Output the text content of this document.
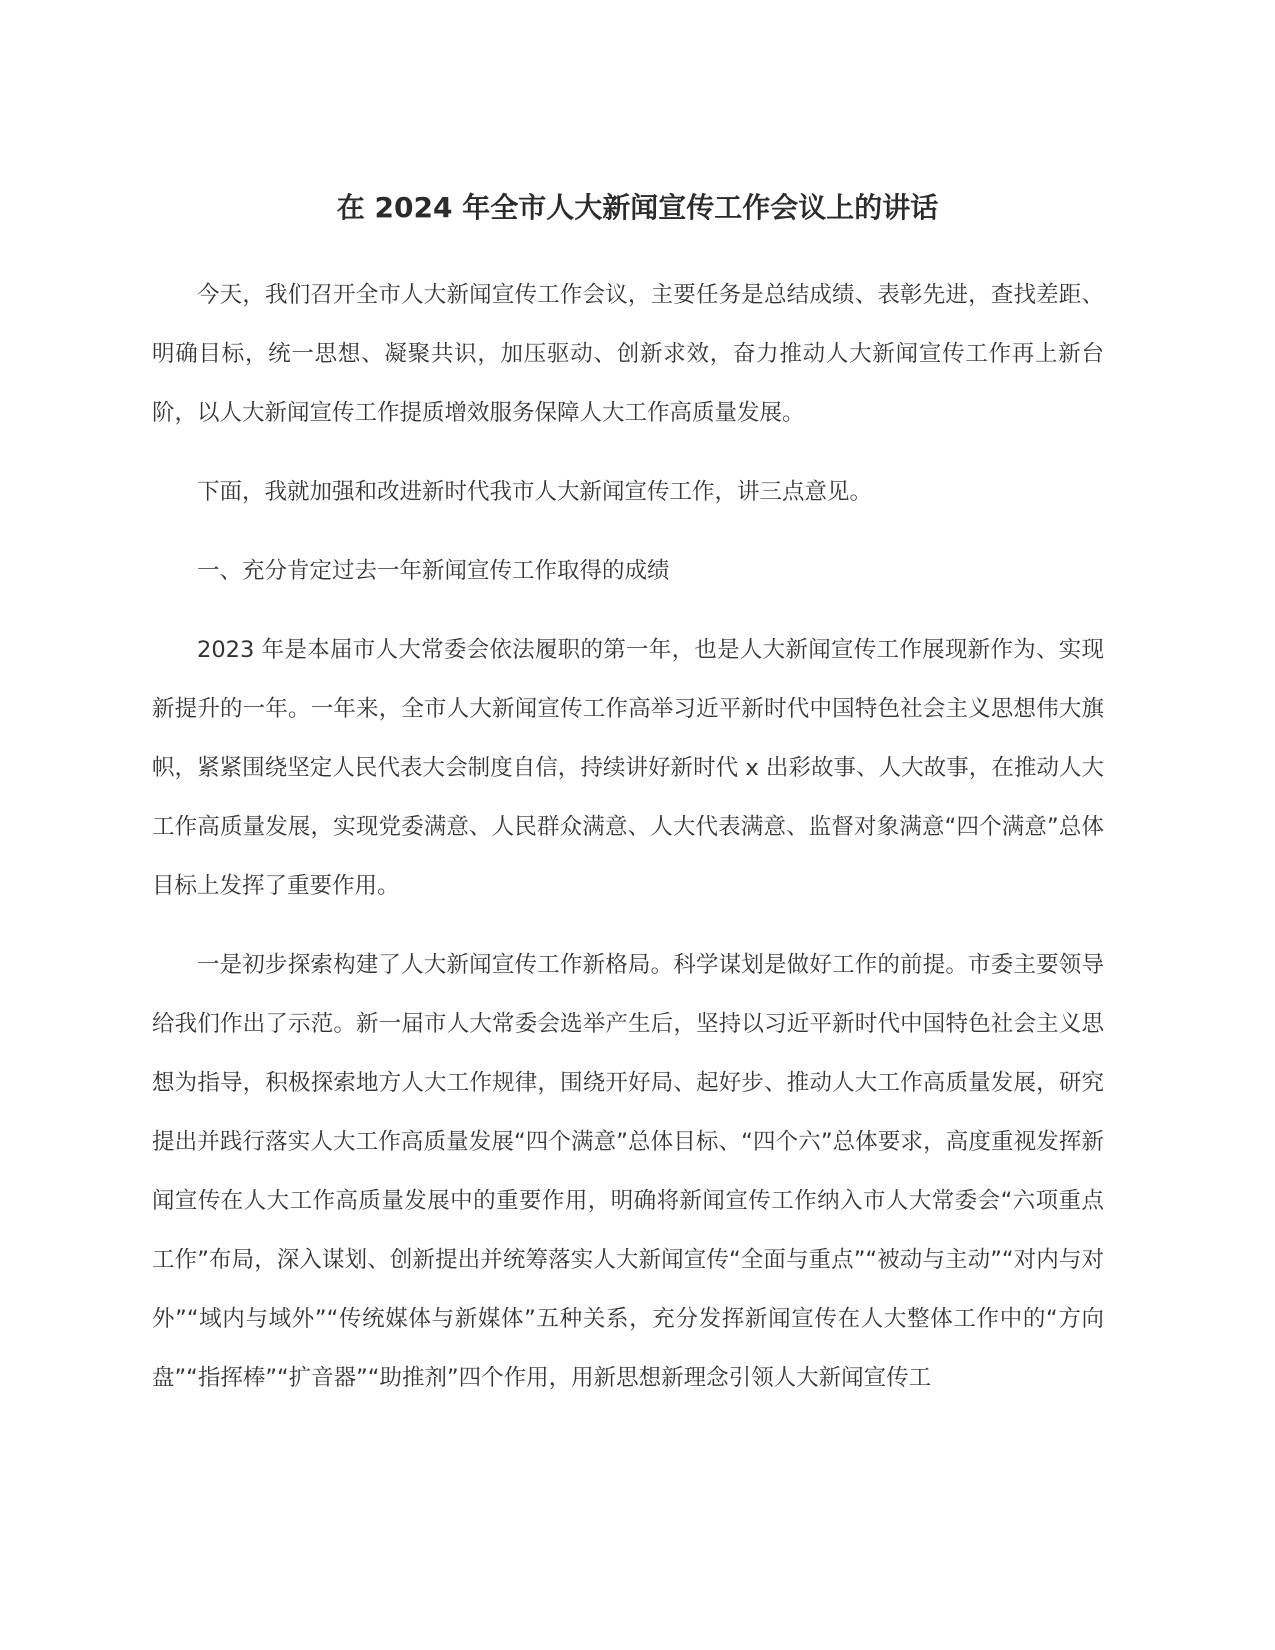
在 2024 年全市人大新闻宣传工作会议上的讲话

今天，我们召开全市人大新闻宣传工作会议，主要任务是总结成绩、表彰先进，查找差距、明确目标，统一思想、凝聚共识，加压驱动、创新求效，奋力推动人大新闻宣传工作再上新台阶，以人大新闻宣传工作提质增效服务保障人大工作高质量发展。

下面，我就加强和改进新时代我市人大新闻宣传工作，讲三点意见。

一、充分肯定过去一年新闻宣传工作取得的成绩

2023 年是本届市人大常委会依法履职的第一年，也是人大新闻宣传工作展现新作为、实现新提升的一年。一年来，全市人大新闻宣传工作高举习近平新时代中国特色社会主义思想伟大旗帜，紧紧围绕坚定人民代表大会制度自信，持续讲好新时代 x 出彩故事、人大故事，在推动人大工作高质量发展，实现党委满意、人民群众满意、人大代表满意、监督对象满意“四个满意”总体目标上发挥了重要作用。

一是初步探索构建了人大新闻宣传工作新格局。科学谋划是做好工作的前提。市委主要领导给我们作出了示范。新一届市人大常委会选举产生后，坚持以习近平新时代中国特色社会主义思想为指导，积极探索地方人大工作规律，围绕开好局、起好步、推动人大工作高质量发展，研究提出并践行落实人大工作高质量发展“四个满意”总体目标、“四个六”总体要求，高度重视发挥新闻宣传在人大工作高质量发展中的重要作用，明确将新闻宣传工作纳入市人大常委会“六项重点工作”布局，深入谋划、创新提出并统筹落实人大新闻宣传“全面与重点”“被动与主动”“对内与对外”“域内与域外”“传统媒体与新媒体”五种关系，充分发挥新闻宣传在人大整体工作中的“方向盘”“指挥棒”“扩音器”“助推剂”四个作用，用新思想新理念引领人大新闻宣传工
